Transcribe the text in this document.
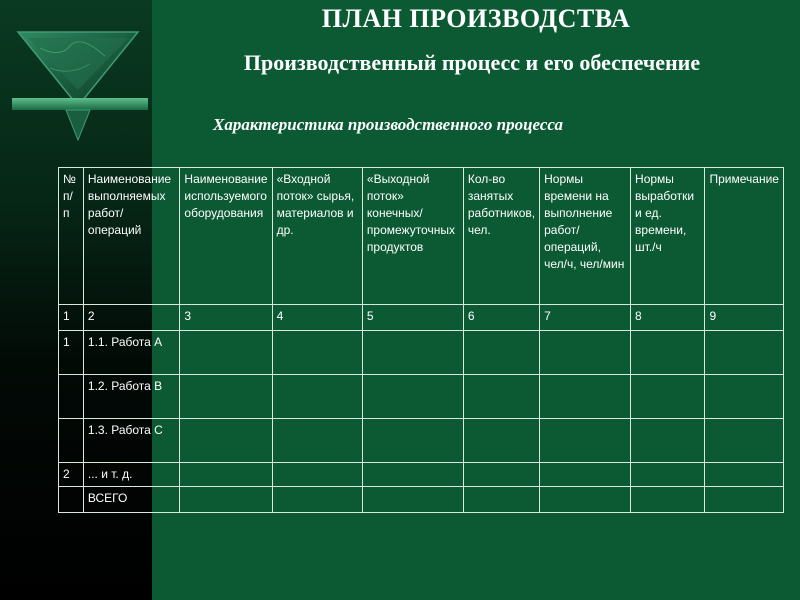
ПЛАН ПРОИЗВОДСТВА
Производственный процесс и его обеспечение
Характеристика производственного процесса
№ п/п	Наименование выполняемых работ/ операций	Наименование используемого оборудования	«Входной поток» сырья, материалов и др.	«Выходной поток» конечных/промежуточных продуктов	Кол-во занятых работников, чел.	Нормы времени на выполнение работ/ операций, чел/ч, чел/мин	Нормы выработки и ед. времени, шт./ч	Примечание
1	2	3	4	5	6	7	8	9
1	1.1. Работа А							
	1.2. Работа В							
	1.3. Работа С							
2	... и т. д.							
	ВСЕГО							
